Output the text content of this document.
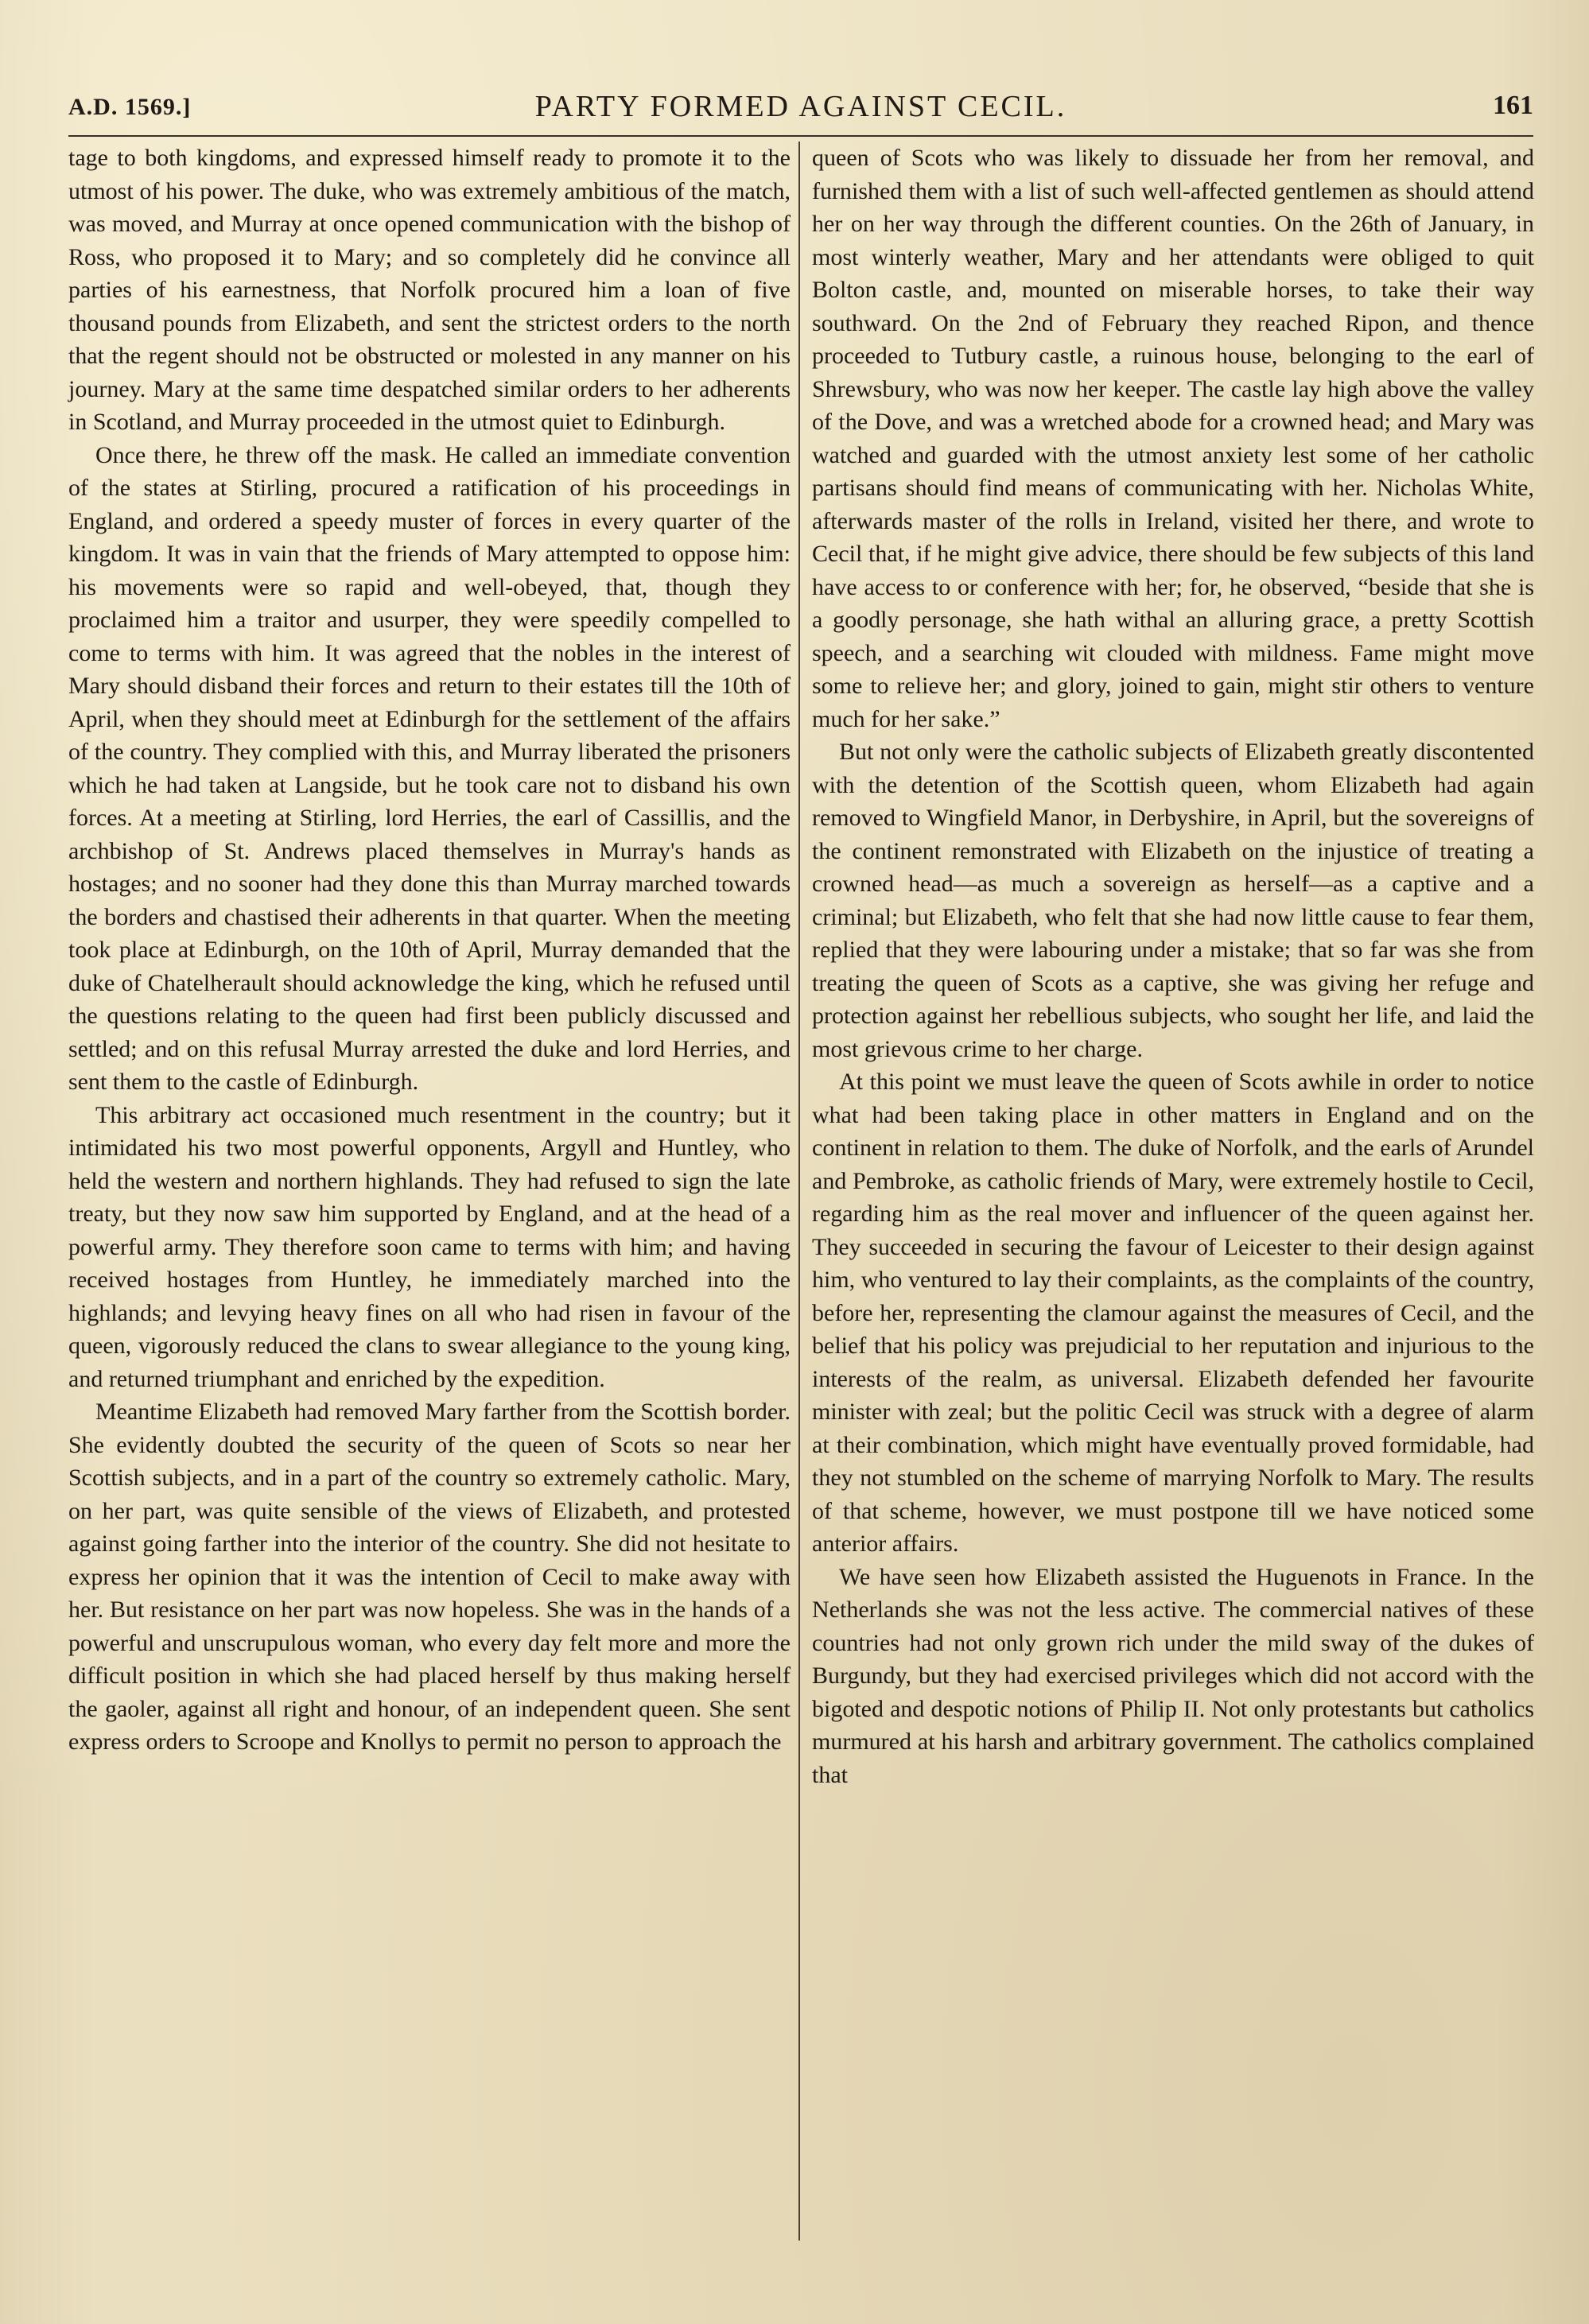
A.D. 1569.]	PARTY FORMED AGAINST CECIL.	161

tage to both kingdoms, and expressed himself ready to promote it to the utmost of his power. The duke, who was extremely ambitious of the match, was moved, and Murray at once opened communication with the bishop of Ross, who proposed it to Mary; and so completely did he convince all parties of his earnestness, that Norfolk procured him a loan of five thousand pounds from Elizabeth, and sent the strictest orders to the north that the regent should not be obstructed or molested in any manner on his journey. Mary at the same time despatched similar orders to her adherents in Scotland, and Murray proceeded in the utmost quiet to Edinburgh.

Once there, he threw off the mask. He called an immediate convention of the states at Stirling, procured a ratification of his proceedings in England, and ordered a speedy muster of forces in every quarter of the kingdom. It was in vain that the friends of Mary attempted to oppose him: his movements were so rapid and well-obeyed, that, though they proclaimed him a traitor and usurper, they were speedily compelled to come to terms with him. It was agreed that the nobles in the interest of Mary should disband their forces and return to their estates till the 10th of April, when they should meet at Edinburgh for the settlement of the affairs of the country. They complied with this, and Murray liberated the prisoners which he had taken at Langside, but he took care not to disband his own forces. At a meeting at Stirling, lord Herries, the earl of Cassillis, and the archbishop of St. Andrews placed themselves in Murray's hands as hostages; and no sooner had they done this than Murray marched towards the borders and chastised their adherents in that quarter. When the meeting took place at Edinburgh, on the 10th of April, Murray demanded that the duke of Chatelherault should acknowledge the king, which he refused until the questions relating to the queen had first been publicly discussed and settled; and on this refusal Murray arrested the duke and lord Herries, and sent them to the castle of Edinburgh.

This arbitrary act occasioned much resentment in the country; but it intimidated his two most powerful opponents, Argyll and Huntley, who held the western and northern highlands. They had refused to sign the late treaty, but they now saw him supported by England, and at the head of a powerful army. They therefore soon came to terms with him; and having received hostages from Huntley, he immediately marched into the highlands; and levying heavy fines on all who had risen in favour of the queen, vigorously reduced the clans to swear allegiance to the young king, and returned triumphant and enriched by the expedition.

Meantime Elizabeth had removed Mary farther from the Scottish border. She evidently doubted the security of the queen of Scots so near her Scottish subjects, and in a part of the country so extremely catholic. Mary, on her part, was quite sensible of the views of Elizabeth, and protested against going farther into the interior of the country. She did not hesitate to express her opinion that it was the intention of Cecil to make away with her. But resistance on her part was now hopeless. She was in the hands of a powerful and unscrupulous woman, who every day felt more and more the difficult position in which she had placed herself by thus making herself the gaoler, against all right and honour, of an independent queen. She sent express orders to Scroope and Knollys to permit no person to approach the

queen of Scots who was likely to dissuade her from her removal, and furnished them with a list of such well-affected gentlemen as should attend her on her way through the different counties. On the 26th of January, in most winterly weather, Mary and her attendants were obliged to quit Bolton castle, and, mounted on miserable horses, to take their way southward. On the 2nd of February they reached Ripon, and thence proceeded to Tutbury castle, a ruinous house, belonging to the earl of Shrewsbury, who was now her keeper. The castle lay high above the valley of the Dove, and was a wretched abode for a crowned head; and Mary was watched and guarded with the utmost anxiety lest some of her catholic partisans should find means of communicating with her. Nicholas White, afterwards master of the rolls in Ireland, visited her there, and wrote to Cecil that, if he might give advice, there should be few subjects of this land have access to or conference with her; for, he observed, “beside that she is a goodly personage, she hath withal an alluring grace, a pretty Scottish speech, and a searching wit clouded with mildness. Fame might move some to relieve her; and glory, joined to gain, might stir others to venture much for her sake.”

But not only were the catholic subjects of Elizabeth greatly discontented with the detention of the Scottish queen, whom Elizabeth had again removed to Wingfield Manor, in Derbyshire, in April, but the sovereigns of the continent remonstrated with Elizabeth on the injustice of treating a crowned head—as much a sovereign as herself—as a captive and a criminal; but Elizabeth, who felt that she had now little cause to fear them, replied that they were labouring under a mistake; that so far was she from treating the queen of Scots as a captive, she was giving her refuge and protection against her rebellious subjects, who sought her life, and laid the most grievous crime to her charge.

At this point we must leave the queen of Scots awhile in order to notice what had been taking place in other matters in England and on the continent in relation to them. The duke of Norfolk, and the earls of Arundel and Pembroke, as catholic friends of Mary, were extremely hostile to Cecil, regarding him as the real mover and influencer of the queen against her. They succeeded in securing the favour of Leicester to their design against him, who ventured to lay their complaints, as the complaints of the country, before her, representing the clamour against the measures of Cecil, and the belief that his policy was prejudicial to her reputation and injurious to the interests of the realm, as universal. Elizabeth defended her favourite minister with zeal; but the politic Cecil was struck with a degree of alarm at their combination, which might have eventually proved formidable, had they not stumbled on the scheme of marrying Norfolk to Mary. The results of that scheme, however, we must postpone till we have noticed some anterior affairs.

We have seen how Elizabeth assisted the Huguenots in France. In the Netherlands she was not the less active. The commercial natives of these countries had not only grown rich under the mild sway of the dukes of Burgundy, but they had exercised privileges which did not accord with the bigoted and despotic notions of Philip II. Not only protestants but catholics murmured at his harsh and arbitrary government. The catholics complained that
